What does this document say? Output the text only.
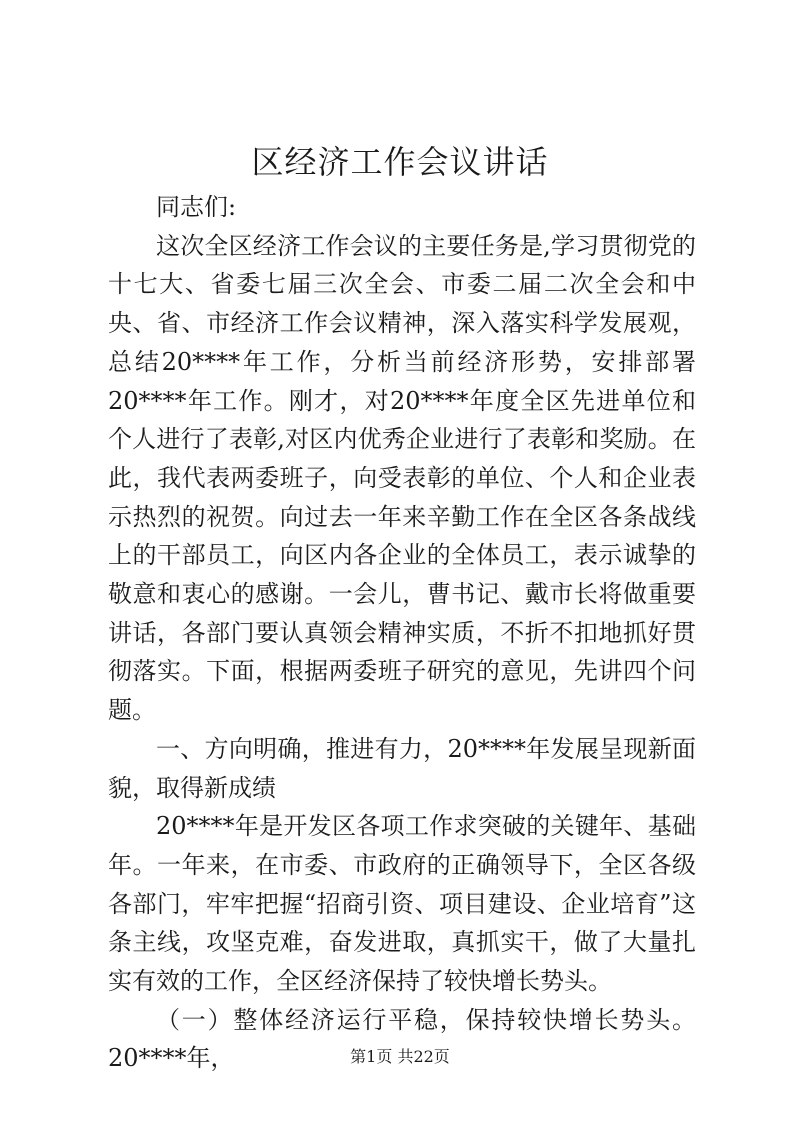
区经济工作会议讲话

同志们:

这次全区经济工作会议的主要任务是,学习贯彻党的十七大、省委七届三次全会、市委二届二次全会和中央、省、市经济工作会议精神，深入落实科学发展观，总结20****年工作，分析当前经济形势，安排部署20****年工作。刚才，对20****年度全区先进单位和个人进行了表彰,对区内优秀企业进行了表彰和奖励。在此，我代表两委班子，向受表彰的单位、个人和企业表示热烈的祝贺。向过去一年来辛勤工作在全区各条战线上的干部员工，向区内各企业的全体员工，表示诚挚的敬意和衷心的感谢。一会儿，曹书记、戴市长将做重要讲话，各部门要认真领会精神实质，不折不扣地抓好贯彻落实。下面，根据两委班子研究的意见，先讲四个问题。

一、方向明确，推进有力，20****年发展呈现新面貌，取得新成绩

20****年是开发区各项工作求突破的关键年、基础年。一年来，在市委、市政府的正确领导下，全区各级各部门，牢牢把握“招商引资、项目建设、企业培育”这条主线，攻坚克难，奋发进取，真抓实干，做了大量扎实有效的工作，全区经济保持了较快增长势头。

（一）整体经济运行平稳，保持较快增长势头。20****年，	第1页 共22页
